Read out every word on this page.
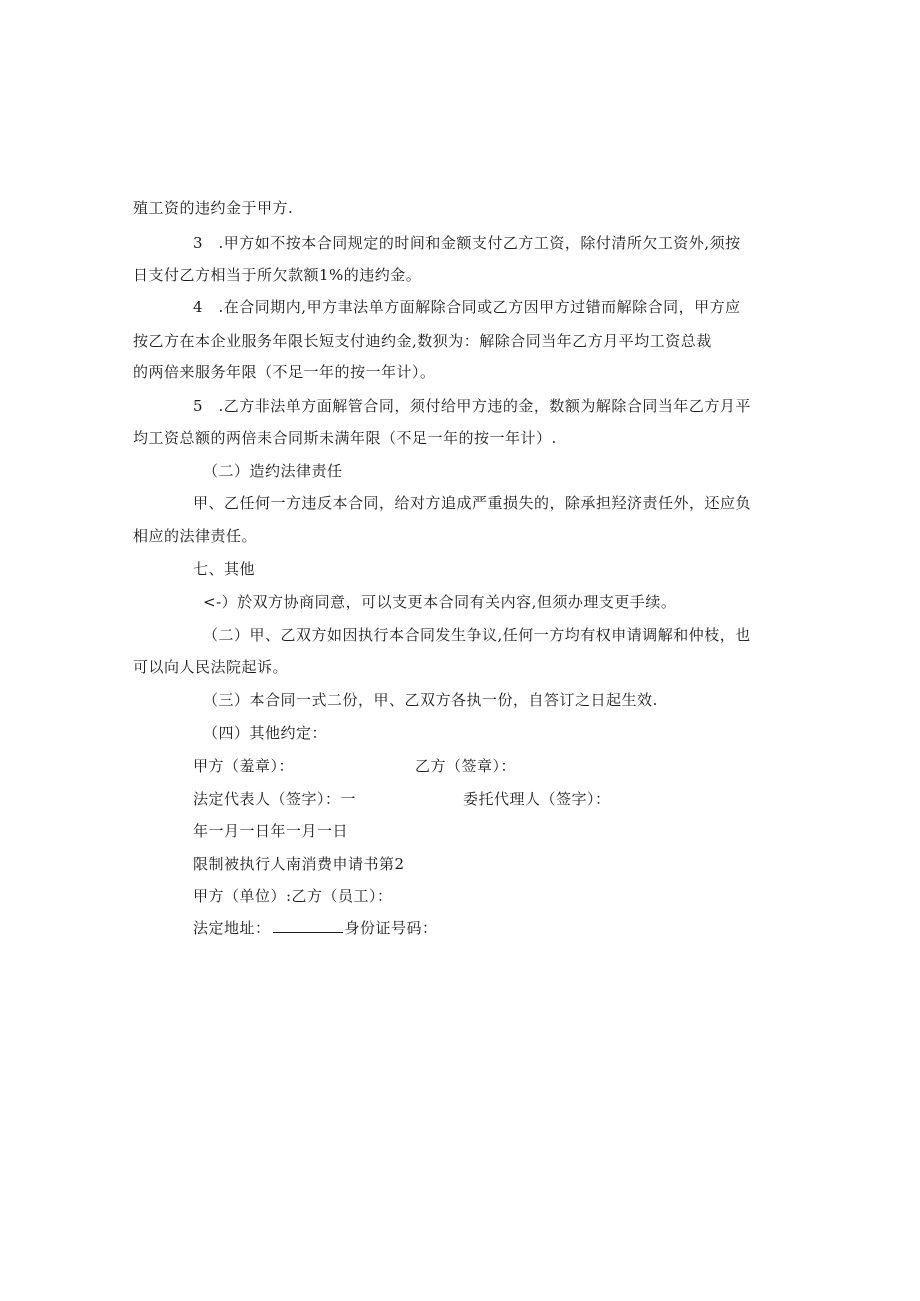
殖工资的违约金于甲方.
3　.甲方如不按本合同规定的时间和金额支付乙方工资，除付清所欠工资外,须按
日支付乙方相当于所欠款额1%的违约金。
4　.在合同期内,甲方聿法单方面解除合同或乙方因甲方过错而解除合同，甲方应
按乙方在本企业服务年限长短支付迪约金,数狈为：解除合同当年乙方月平均工资总裁
的两倍来服务年限（不足一年的按一年计）。
5　.乙方非法单方面解管合同，须付给甲方违的金，数额为解除合同当年乙方月平
均工资总额的两倍耒合同斯未满年限（不足一年的按一年计）.
（二）造约法律责任
甲、乙任何一方违反本合同，给对方追成严重损失的，除承担羟济责任外，还应负
相应的法律责任。
七、其他
<-）於双方协商同意，可以支更本合同有关内容,但须办理支更手续。
（二）甲、乙双方如因执行本合同发生争议,任何一方均有权申请调解和仲枝，也
可以向人民法院起诉。
（三）本合同一式二份，甲、乙双方各执一份，自答订之日起生效.
（四）其他约定：
甲方（羞章）：	乙方（签章）：
法定代表人（签字）：一	委托代理人（签字）：
年一月一日年一月一日
限制被执行人南消费申请书第2
甲方（单位）:乙方（员工）：
法定地址：	身份证号码：
